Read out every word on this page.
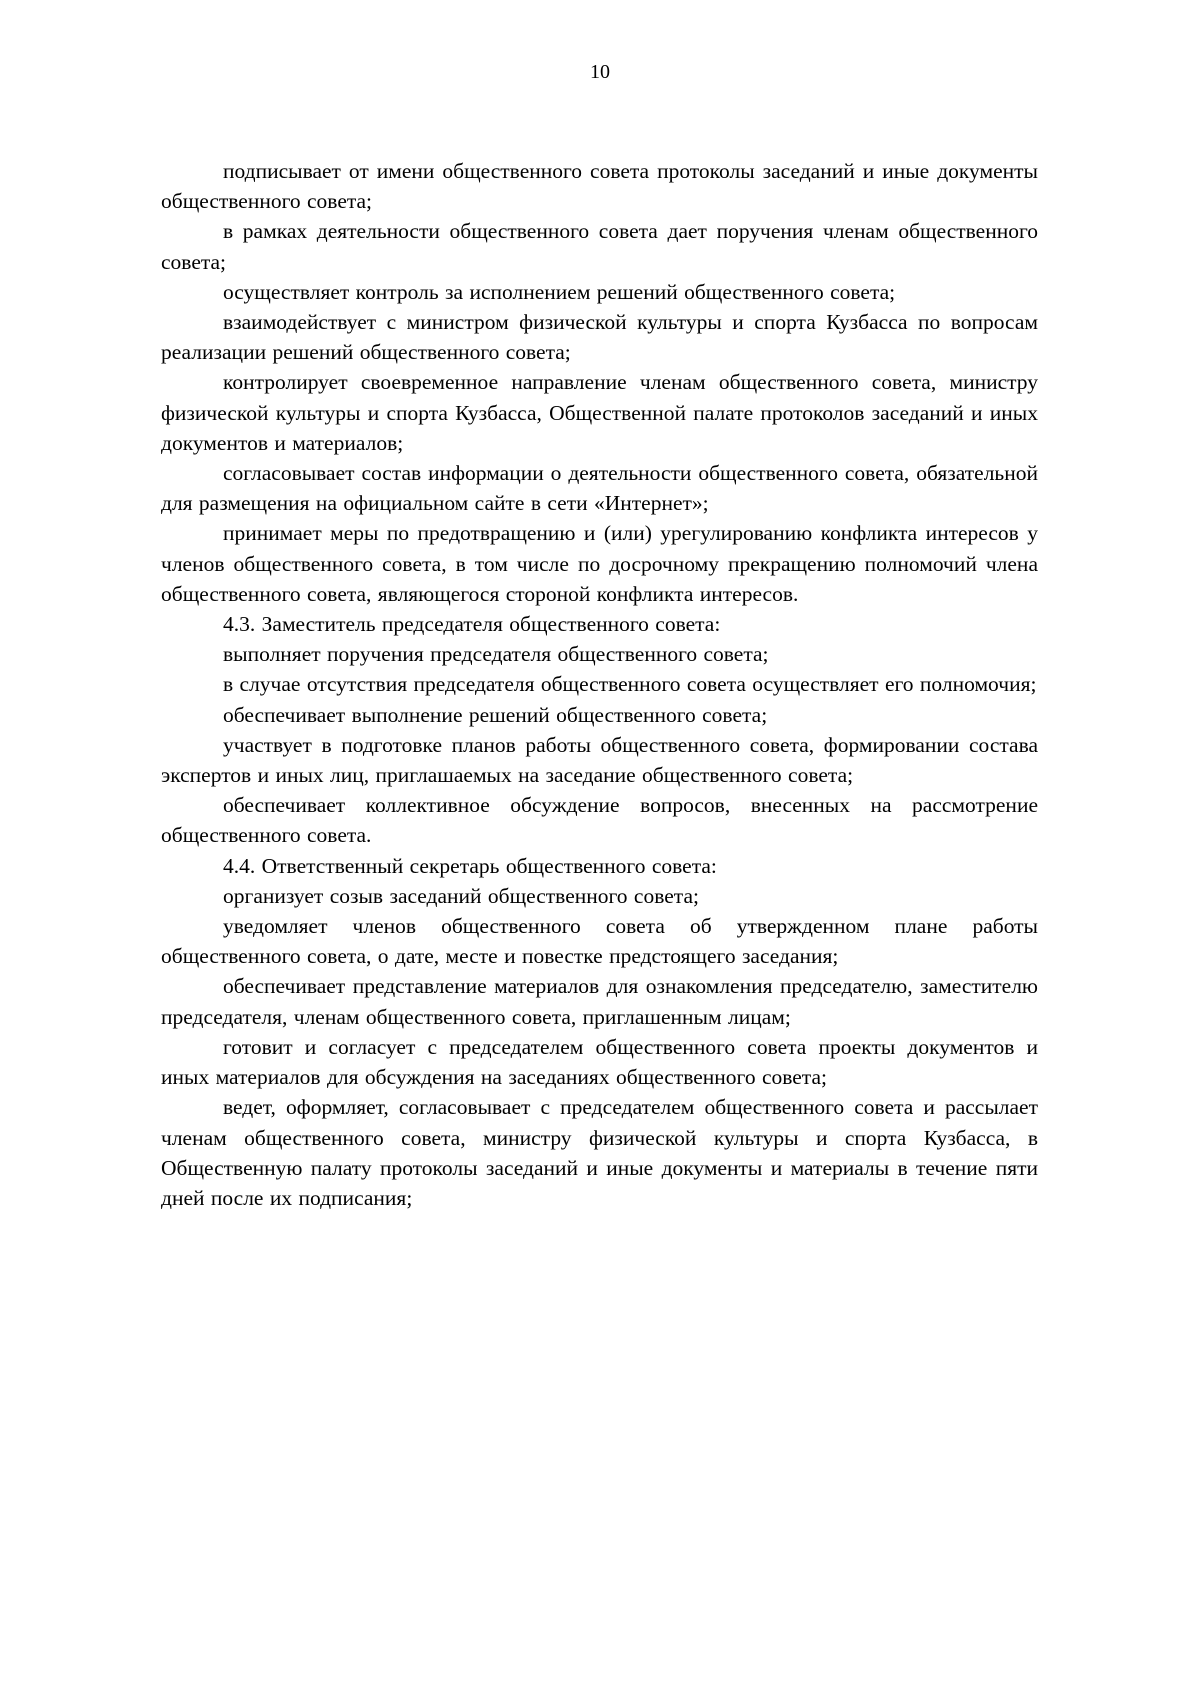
10

подписывает от имени общественного совета протоколы заседаний и иные документы общественного совета;

в рамках деятельности общественного совета дает поручения членам общественного совета;

осуществляет контроль за исполнением решений общественного совета;

взаимодействует с министром физической культуры и спорта Кузбасса по вопросам реализации решений общественного совета;

контролирует своевременное направление членам общественного совета, министру физической культуры и спорта Кузбасса, Общественной палате протоколов заседаний и иных документов и материалов;

согласовывает состав информации о деятельности общественного совета, обязательной для размещения на официальном сайте в сети «Интернет»;

принимает меры по предотвращению и (или) урегулированию конфликта интересов у членов общественного совета, в том числе по досрочному прекращению полномочий члена общественного совета, являющегося стороной конфликта интересов.

4.3. Заместитель председателя общественного совета:

выполняет поручения председателя общественного совета;

в случае отсутствия председателя общественного совета осуществляет его полномочия;

обеспечивает выполнение решений общественного совета;

участвует в подготовке планов работы общественного совета, формировании состава экспертов и иных лиц, приглашаемых на заседание общественного совета;

обеспечивает коллективное обсуждение вопросов, внесенных на рассмотрение общественного совета.

4.4. Ответственный секретарь общественного совета:

организует созыв заседаний общественного совета;

уведомляет членов общественного совета об утвержденном плане работы общественного совета, о дате, месте и повестке предстоящего заседания;

обеспечивает представление материалов для ознакомления председателю, заместителю председателя, членам общественного совета, приглашенным лицам;

готовит и согласует с председателем общественного совета проекты документов и иных материалов для обсуждения на заседаниях общественного совета;

ведет, оформляет, согласовывает с председателем общественного совета и рассылает членам общественного совета, министру физической культуры и спорта Кузбасса, в Общественную палату протоколы заседаний и иные документы и материалы в течение пяти дней после их подписания;
